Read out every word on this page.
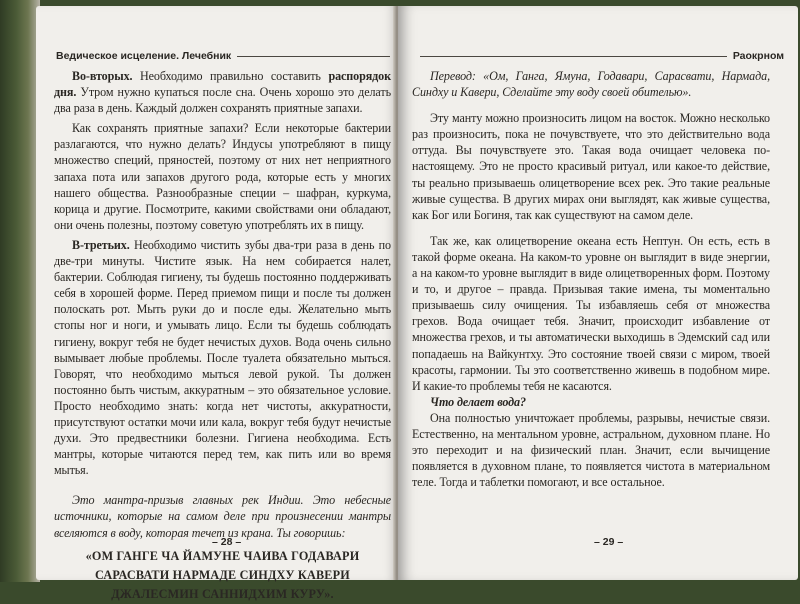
Ведическое исцеление. Лечебник

Во-вторых. Необходимо правильно составить распорядок дня. Утром нужно купаться после сна. Очень хорошо это делать два раза в день. Каждый должен сохранять приятные запахи.

Как сохранять приятные запахи? Если некоторые бактерии разлагаются, что нужно делать? Индусы употребляют в пищу множество специй, пряностей, поэтому от них нет неприятного запаха пота или запахов другого рода, которые есть у многих нашего общества. Разнообразные специи – шафран, куркума, корица и другие. Посмотрите, какими свойствами они обладают, они очень полезны, поэтому советую употреблять их в пищу.

В-третьих. Необходимо чистить зубы два-три раза в день по две-три минуты. Чистите язык. На нем собирается налет, бактерии. Соблюдая гигиену, ты будешь постоянно поддерживать себя в хорошей форме. Перед приемом пищи и после ты должен полоскать рот. Мыть руки до и после еды. Желательно мыть стопы ног и ноги, и умывать лицо. Если ты будешь соблюдать гигиену, вокруг тебя не будет нечистых духов. Вода очень сильно вымывает любые проблемы. После туалета обязательно мыться. Говорят, что необходимо мыться левой рукой. Ты должен постоянно быть чистым, аккуратным – это обязательное условие. Просто необходимо знать: когда нет чистоты, аккуратности, присутствуют остатки мочи или кала, вокруг тебя будут нечистые духи. Это предвестники болезни. Гигиена необходима. Есть мантры, которые читаются перед тем, как пить или во время мытья.

Это мантра-призыв главных рек Индии. Это небесные источники, которые на самом деле при произнесении мантры вселяются в воду, которая течет из крана. Ты говоришь:

«ОМ ГАНГЕ ЧА ЙАМУНЕ ЧАИВА ГОДАВАРИ
САРАСВАТИ НАРМАДЕ СИНДХУ КАВЕРИ
ДЖАЛЕСМИН САННИДХИМ КУРУ».
– 28 –
Раокрном

Перевод: «Ом, Ганга, Ямуна, Годавари, Сарасвати, Нармада, Синдху и Кавери, Сделайте эту воду своей обителью».

Эту манту можно произносить лицом на восток. Можно несколько раз произносить, пока не почувствуете, что это действительно вода оттуда. Вы почувствуете это. Такая вода очищает человека по-настоящему. Это не просто красивый ритуал, или какое-то действие, ты реально призываешь олицетворение всех рек. Это такие реальные живые существа. В других мирах они выглядят, как живые существа, как Бог или Богиня, так как существуют на самом деле.

Так же, как олицетворение океана есть Нептун. Он есть, есть в такой форме океана. На каком-то уровне он выглядит в виде энергии, а на каком-то уровне выглядит в виде олицетворенных форм. Поэтому и то, и другое – правда. Призывая такие имена, ты моментально призываешь силу очищения. Ты избавляешь себя от множества грехов. Вода очищает тебя. Значит, происходит избавление от множества грехов, и ты автоматически выходишь в Эдемский сад или попадаешь на Вайкунтху. Это состояние твоей связи с миром, твоей красоты, гармонии. Ты это соответственно живешь в подобном мире. И какие-то проблемы тебя не касаются.

Что делает вода?

Она полностью уничтожает проблемы, разрывы, нечистые связи. Естественно, на ментальном уровне, астральном, духовном плане. Но это переходит и на физический план. Значит, если вычищение появляется в духовном плане, то появляется чистота в материальном теле. Тогда и таблетки помогают, и все остальное.

– 29 –
